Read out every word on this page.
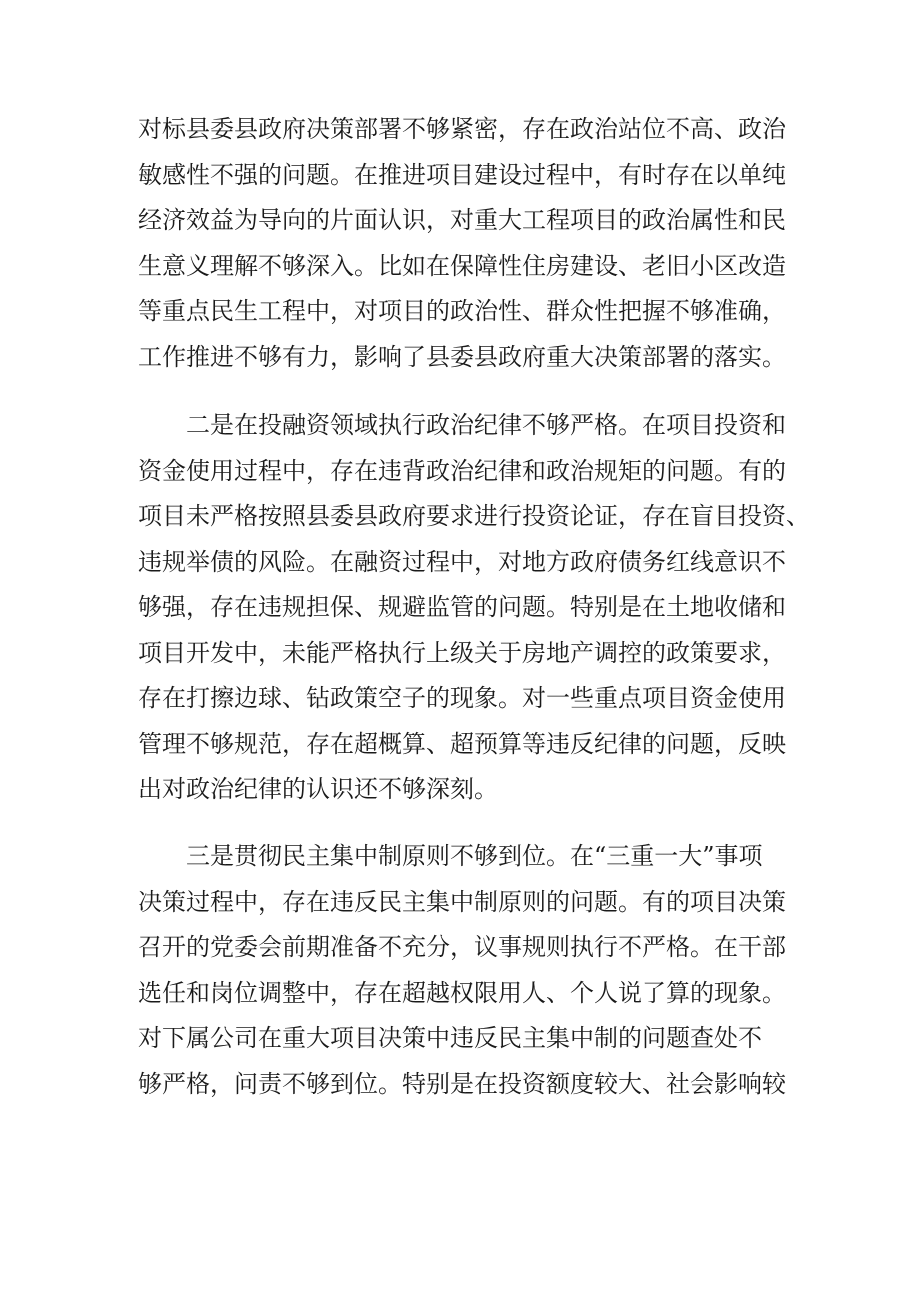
对标县委县政府决策部署不够紧密，存在政治站位不高、政治
敏感性不强的问题。在推进项目建设过程中，有时存在以单纯
经济效益为导向的片面认识，对重大工程项目的政治属性和民
生意义理解不够深入。比如在保障性住房建设、老旧小区改造
等重点民生工程中，对项目的政治性、群众性把握不够准确，
工作推进不够有力，影响了县委县政府重大决策部署的落实。
　　二是在投融资领域执行政治纪律不够严格。在项目投资和
资金使用过程中，存在违背政治纪律和政治规矩的问题。有的
项目未严格按照县委县政府要求进行投资论证，存在盲目投资、
违规举债的风险。在融资过程中，对地方政府债务红线意识不
够强，存在违规担保、规避监管的问题。特别是在土地收储和
项目开发中，未能严格执行上级关于房地产调控的政策要求，
存在打擦边球、钻政策空子的现象。对一些重点项目资金使用
管理不够规范，存在超概算、超预算等违反纪律的问题，反映
出对政治纪律的认识还不够深刻。
　　三是贯彻民主集中制原则不够到位。在“三重一大”事项
决策过程中，存在违反民主集中制原则的问题。有的项目决策
召开的党委会前期准备不充分，议事规则执行不严格。在干部
选任和岗位调整中，存在超越权限用人、个人说了算的现象。
对下属公司在重大项目决策中违反民主集中制的问题查处不
够严格，问责不够到位。特别是在投资额度较大、社会影响较
